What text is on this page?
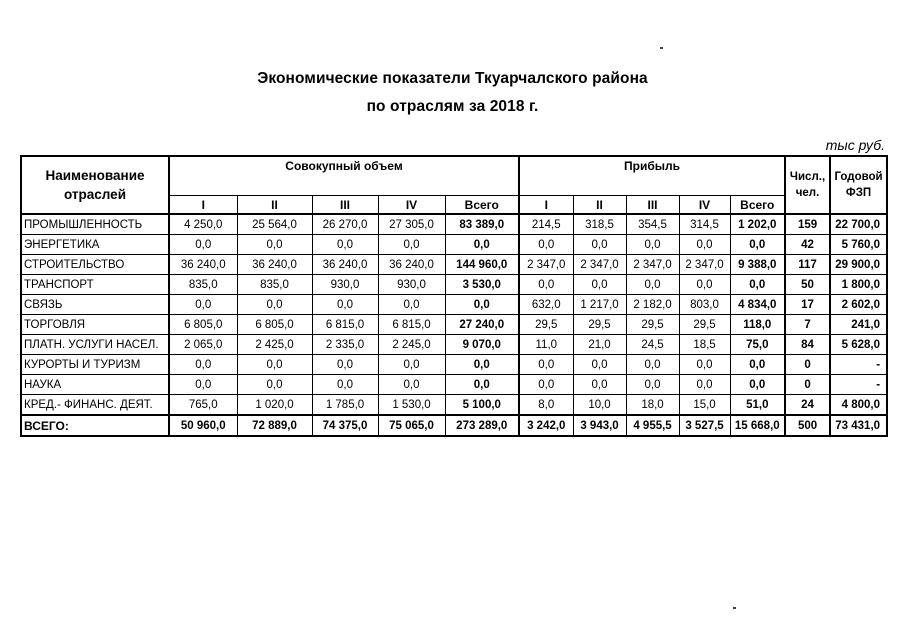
Экономические показатели Ткуарчалского района
по отраслям за 2018 г.
тыс руб.
Наименование отраслей	Совокупный объем					Прибыль					Числ., чел.	Годовой ФЗП
	I	II	III	IV	Всего	I	II	III	IV	Всего		
ПРОМЫШЛЕННОСТЬ	4 250,0	25 564,0	26 270,0	27 305,0	83 389,0	214,5	318,5	354,5	314,5	1 202,0	159	22 700,0
ЭНЕРГЕТИКА	0,0	0,0	0,0	0,0	0,0	0,0	0,0	0,0	0,0	0,0	42	5 760,0
СТРОИТЕЛЬСТВО	36 240,0	36 240,0	36 240,0	36 240,0	144 960,0	2 347,0	2 347,0	2 347,0	2 347,0	9 388,0	117	29 900,0
ТРАНСПОРТ	835,0	835,0	930,0	930,0	3 530,0	0,0	0,0	0,0	0,0	0,0	50	1 800,0
СВЯЗЬ	0,0	0,0	0,0	0,0	0,0	632,0	1 217,0	2 182,0	803,0	4 834,0	17	2 602,0
ТОРГОВЛЯ	6 805,0	6 805,0	6 815,0	6 815,0	27 240,0	29,5	29,5	29,5	29,5	118,0	7	241,0
ПЛАТН. УСЛУГИ НАСЕЛ.	2 065,0	2 425,0	2 335,0	2 245,0	9 070,0	11,0	21,0	24,5	18,5	75,0	84	5 628,0
КУРОРТЫ И ТУРИЗМ	0,0	0,0	0,0	0,0	0,0	0,0	0,0	0,0	0,0	0,0	0	-
НАУКА	0,0	0,0	0,0	0,0	0,0	0,0	0,0	0,0	0,0	0,0	0	-
КРЕД.- ФИНАНС. ДЕЯТ.	765,0	1 020,0	1 785,0	1 530,0	5 100,0	8,0	10,0	18,0	15,0	51,0	24	4 800,0
ВСЕГО:	50 960,0	72 889,0	74 375,0	75 065,0	273 289,0	3 242,0	3 943,0	4 955,5	3 527,5	15 668,0	500	73 431,0
